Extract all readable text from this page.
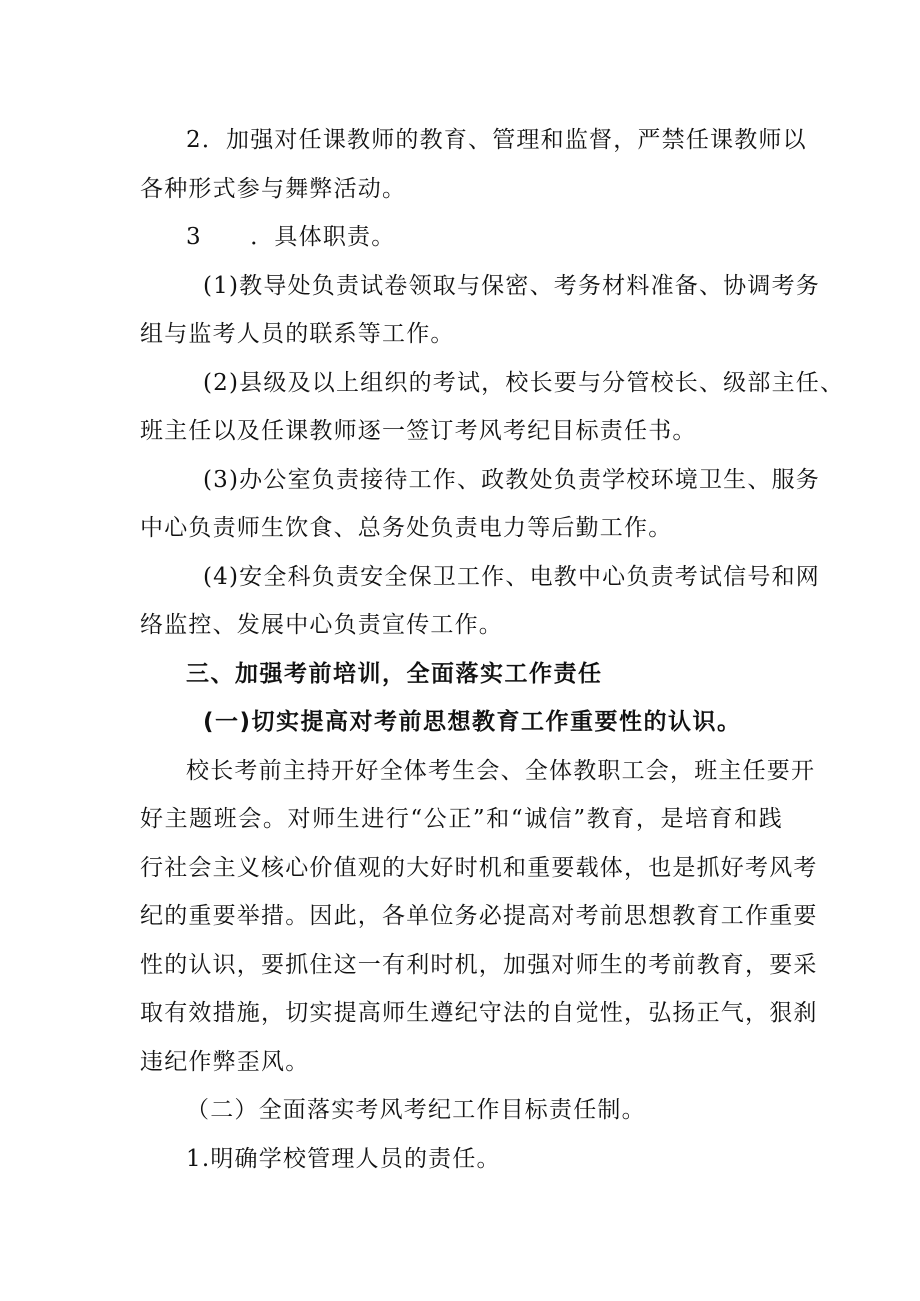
2．加强对任课教师的教育、管理和监督，严禁任课教师以

各种形式参与舞弊活动。

3　　．具体职责。

(1)教导处负责试卷领取与保密、考务材料准备、协调考务

组与监考人员的联系等工作。

(2)县级及以上组织的考试，校长要与分管校长、级部主任、

班主任以及任课教师逐一签订考风考纪目标责任书。

(3)办公室负责接待工作、政教处负责学校环境卫生、服务

中心负责师生饮食、总务处负责电力等后勤工作。

(4)安全科负责安全保卫工作、电教中心负责考试信号和网

络监控、发展中心负责宣传工作。

三、加强考前培训，全面落实工作责任

(一)切实提高对考前思想教育工作重要性的认识。

校长考前主持开好全体考生会、全体教职工会，班主任要开

好主题班会。对师生进行“公正”和“诚信”教育，是培育和践

行社会主义核心价值观的大好时机和重要载体，也是抓好考风考

纪的重要举措。因此，各单位务必提高对考前思想教育工作重要

性的认识，要抓住这一有利时机，加强对师生的考前教育，要采

取有效措施，切实提高师生遵纪守法的自觉性，弘扬正气，狠刹

违纪作弊歪风。

（二）全面落实考风考纪工作目标责任制。

1.明确学校管理人员的责任。
